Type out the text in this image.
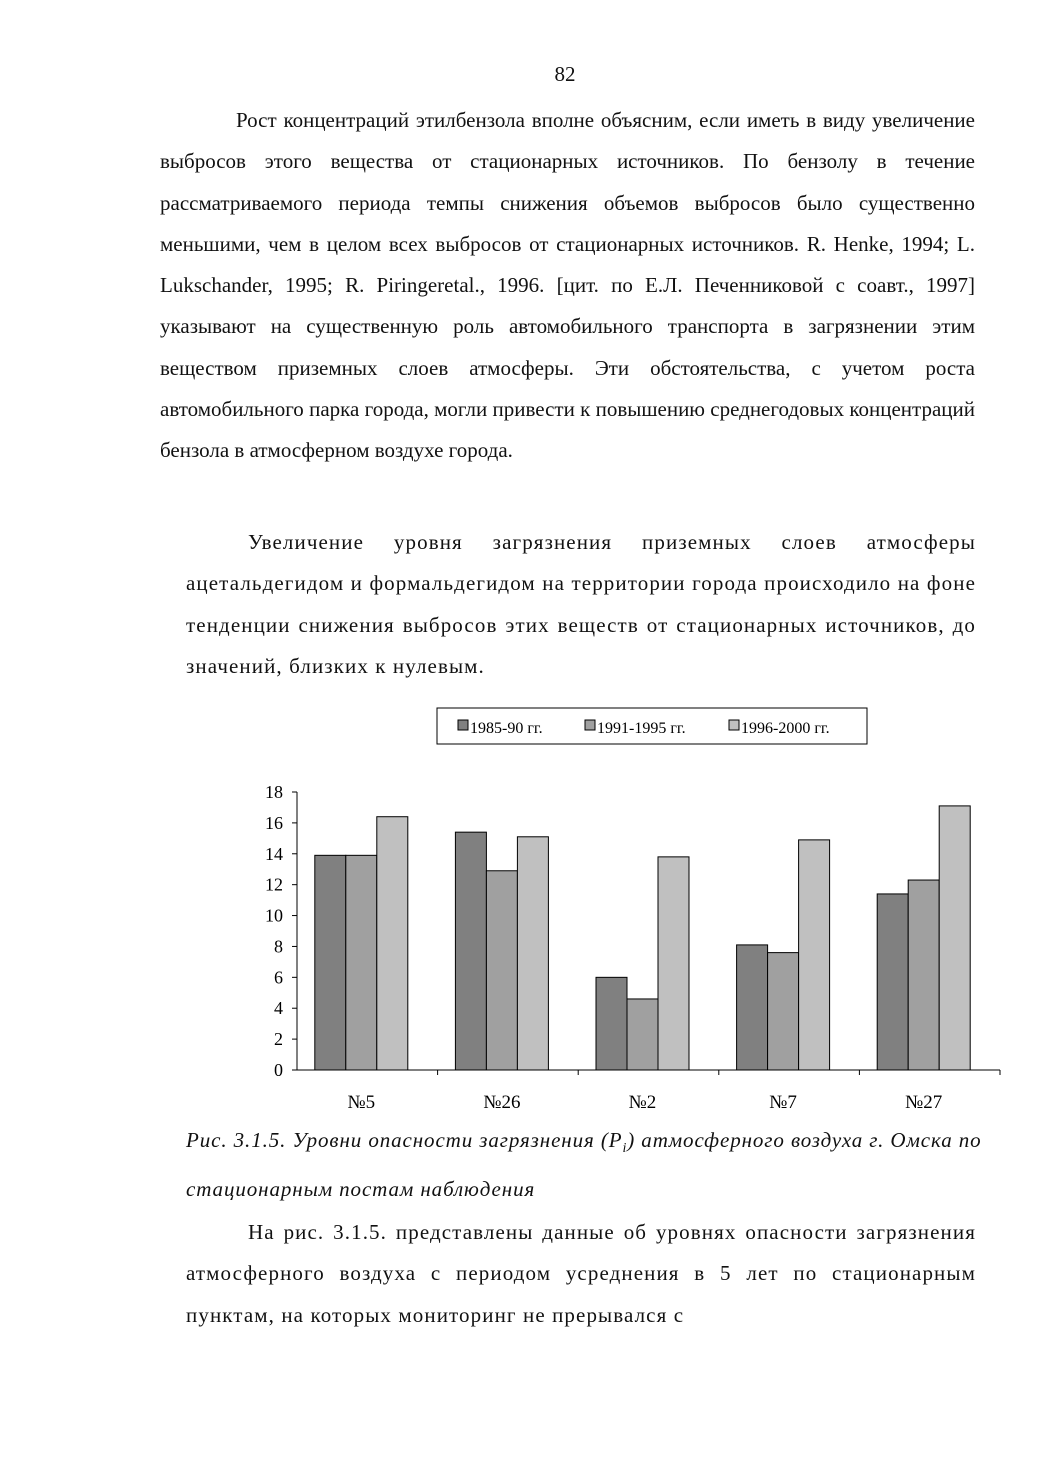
82

Рост концентраций этилбензола вполне объясним, если иметь в виду увеличение выбросов этого вещества от стационарных источников. По бензолу в течение рассматриваемого периода темпы снижения объемов выбросов было существенно меньшими, чем в целом всех выбросов от стационарных источников. R. Henke, 1994; L. Lukschander, 1995; R. Piringeretal., 1996. [цит. по Е.Л. Печенниковой с соавт., 1997] указывают на существенную роль автомобильного транспорта в загрязнении этим веществом приземных слоев атмосферы. Эти обстоятельства, с учетом роста автомобильного парка города, могли привести к повышению среднегодовых концентраций бензола в атмосферном воздухе города.

Увеличение уровня загрязнения приземных слоев атмосферы ацетальдегидом и формальдегидом на территории города происходило на фоне тенденции снижения выбросов этих веществ от стационарных источников, до значений, близких к нулевым.

1985-90 гг.	1991-1995 гг.	1996-2000 гг.
0
2
4
6
8
10
12
14
16
18
№5	№26	№2	№7	№27

Рис. 3.1.5. Уровни опасности загрязнения $(P_i)$ атмосферного воздуха г. Омска по стационарным постам наблюдения

На рис. 3.1.5. представлены данные об уровнях опасности загрязнения атмосферного воздуха с периодом усреднения в 5 лет по стационарным пунктам, на которых мониторинг не прерывался с
